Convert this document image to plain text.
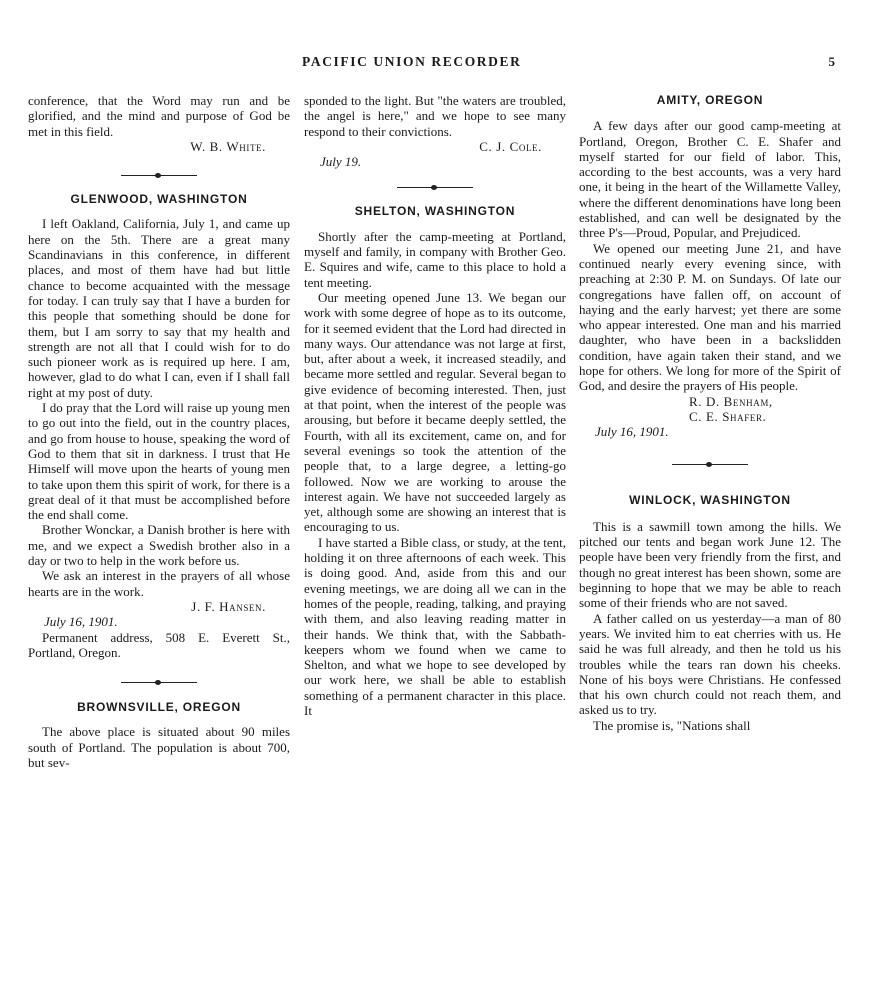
PACIFIC UNION RECORDER	5

conference, that the Word may run and be glorified, and the mind and purpose of God be met in this field.

W. B. White.

GLENWOOD, WASHINGTON

I left Oakland, California, July 1, and came up here on the 5th. There are a great many Scandinavians in this conference, in different places, and most of them have had but little chance to become acquainted with the message for today. I can truly say that I have a burden for this people that something should be done for them, but I am sorry to say that my health and strength are not all that I could wish for to do such pioneer work as is required up here. I am, however, glad to do what I can, even if I shall fall right at my post of duty.

I do pray that the Lord will raise up young men to go out into the field, out in the country places, and go from house to house, speaking the word of God to them that sit in darkness. I trust that He Himself will move upon the hearts of young men to take upon them this spirit of work, for there is a great deal of it that must be accomplished before the end shall come.

Brother Wonckar, a Danish brother is here with me, and we expect a Swedish brother also in a day or two to help in the work before us.

We ask an interest in the prayers of all whose hearts are in the work.

J. F. Hansen.

July 16, 1901.

Permanent address, 508 E. Everett St., Portland, Oregon.

BROWNSVILLE, OREGON

The above place is situated about 90 miles south of Portland. The population is about 700, but sev-

sponded to the light. But "the waters are troubled, the angel is here," and we hope to see many respond to their convictions.

C. J. Cole.

July 19.

SHELTON, WASHINGTON

Shortly after the camp-meeting at Portland, myself and family, in company with Brother Geo. E. Squires and wife, came to this place to hold a tent meeting.

Our meeting opened June 13. We began our work with some degree of hope as to its outcome, for it seemed evident that the Lord had directed in many ways. Our attendance was not large at first, but, after about a week, it increased steadily, and became more settled and regular. Several began to give evidence of becoming interested. Then, just at that point, when the interest of the people was arousing, but before it became deeply settled, the Fourth, with all its excitement, came on, and for several evenings so took the attention of the people that, to a large degree, a letting-go followed. Now we are working to arouse the interest again. We have not succeeded largely as yet, although some are showing an interest that is encouraging to us.

I have started a Bible class, or study, at the tent, holding it on three afternoons of each week. This is doing good. And, aside from this and our evening meetings, we are doing all we can in the homes of the people, reading, talking, and praying with them, and also leaving reading matter in their hands. We think that, with the Sabbath-keepers whom we found when we came to Shelton, and what we hope to see developed by our work here, we shall be able to establish something of a permanent character in this place. It

AMITY, OREGON

A few days after our good camp-meeting at Portland, Oregon, Brother C. E. Shafer and myself started for our field of labor. This, according to the best accounts, was a very hard one, it being in the heart of the Willamette Valley, where the different denominations have long been established, and can well be designated by the three P's—Proud, Popular, and Prejudiced.

We opened our meeting June 21, and have continued nearly every evening since, with preaching at 2:30 P. M. on Sundays. Of late our congregations have fallen off, on account of haying and the early harvest; yet there are some who appear interested. One man and his married daughter, who have been in a backslidden condition, have again taken their stand, and we hope for others. We long for more of the Spirit of God, and desire the prayers of His people.

R. D. Benham,

C. E. Shafer.

July 16, 1901.

WINLOCK, WASHINGTON

This is a sawmill town among the hills. We pitched our tents and began work June 12. The people have been very friendly from the first, and though no great interest has been shown, some are beginning to hope that we may be able to reach some of their friends who are not saved.

A father called on us yesterday—a man of 80 years. We invited him to eat cherries with us. He said he was full already, and then he told us his troubles while the tears ran down his cheeks. None of his boys were Christians. He confessed that his own church could not reach them, and asked us to try.

The promise is, "Nations shall
